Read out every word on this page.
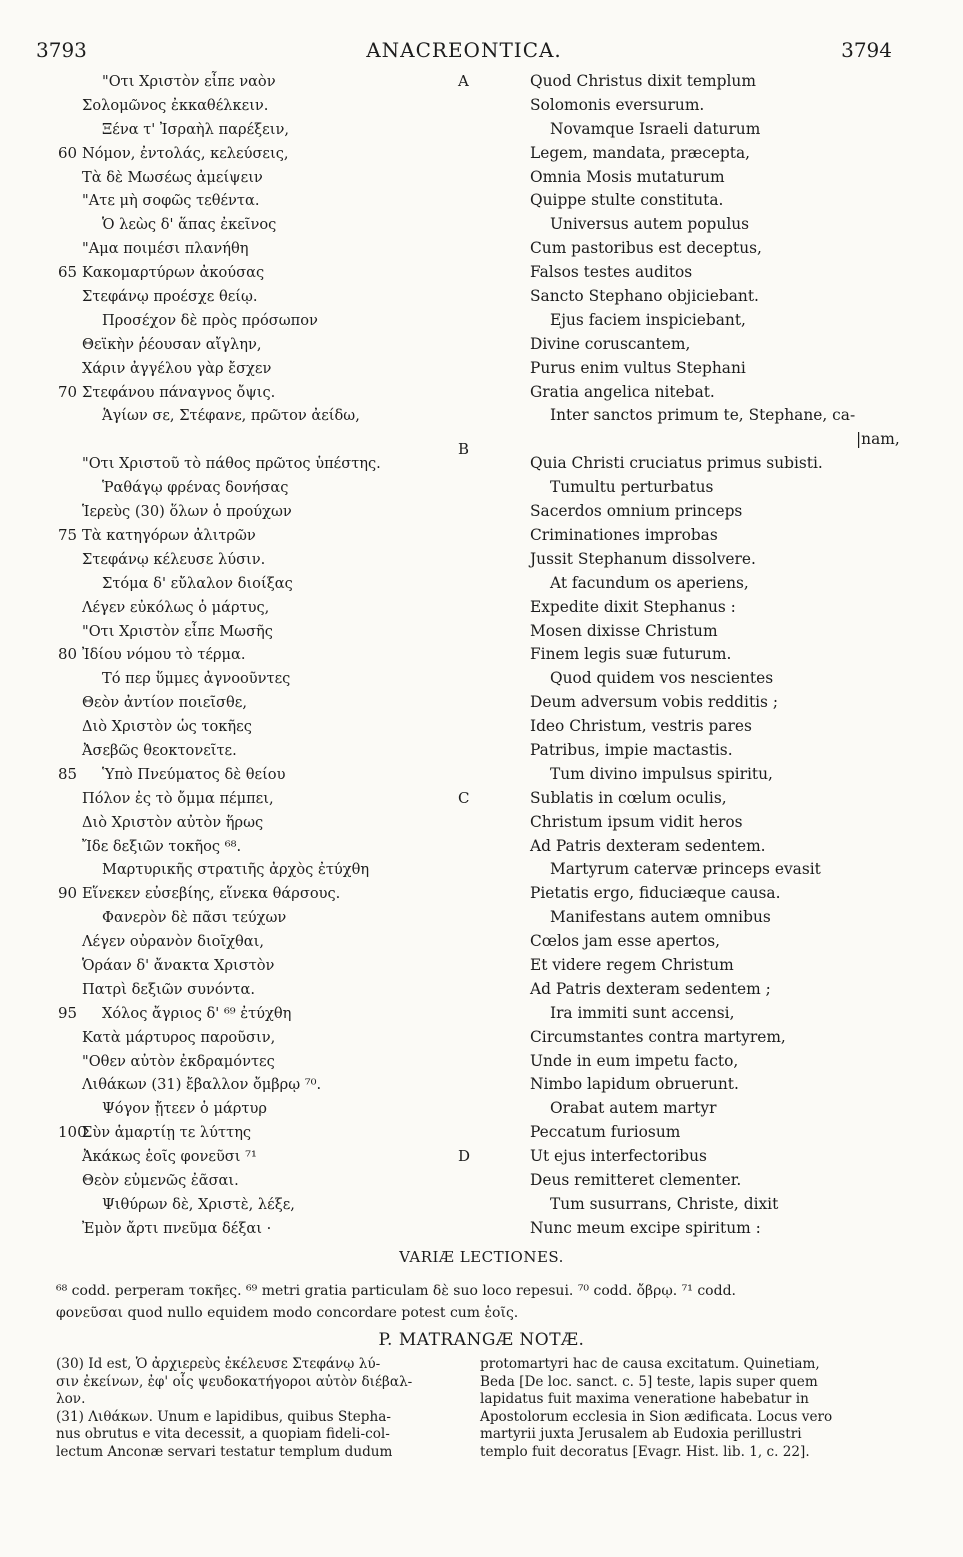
ANACREONTICA.
3793	3794
"Οτι Χριστὸν εἶπε ναὸν	Quod Christus dixit templum
A
Σολομῶνος ἐκκαθέλκειν.	Solomonis eversurum.
Ξένα τ' Ἰσραὴλ παρέξειν,	Novamque Israeli daturum
60 Νόμον, ἐντολάς, κελεύσεις,	Legem, mandata, præcepta,
Τὰ δὲ Μωσέως ἀμείψειν	Omnia Mosis mutaturum
"Ατε μὴ σοφῶς τεθέντα.	Quippe stulte constituta.
Ὁ λεὼς δ' ἅπας ἐκεῖνος	Universus autem populus
"Αμα ποιμέσι πλανήθη	Cum pastoribus est deceptus,
65 Κακομαρτύρων ἀκούσας	Falsos testes auditos
Στεφάνῳ προέσχε θείῳ.	Sancto Stephano objiciebant.
Προσέχον δὲ πρὸς πρόσωπον	Ejus faciem inspiciebant,
Θεϊκὴν ῥέουσαν αἴγλην,	Divine coruscantem,
Χάριν ἀγγέλου γὰρ ἔσχεν	Purus enim vultus Stephani
70 Στεφάνου πάναγνος ὄψις.	Gratia angelica nitebat.
Ἁγίων σε, Στέφανε, πρῶτον ἀείδω,	Inter sanctos primum te, Stephane, ca-
|nam,
"Οτι Χριστοῦ τὸ πάθος πρῶτος ὑπέστης.	Quia Christi cruciatus primus subisti.
B
Ῥαθάγῳ φρένας δονήσας	Tumultu perturbatus
Ἱερεὺς (30) ὅλων ὁ προύχων	Sacerdos omnium princeps
75 Τὰ κατηγόρων ἀλιτρῶν	Criminationes improbas
Στεφάνῳ κέλευσε λύσιν.	Jussit Stephanum dissolvere.
Στόμα δ' εὔλαλον διοίξας	At facundum os aperiens,
Λέγεν εὐκόλως ὁ μάρτυς,	Expedite dixit Stephanus :
"Οτι Χριστὸν εἶπε Μωσῆς	Mosen dixisse Christum
80 Ἰδίου νόμου τὸ τέρμα.	Finem legis suæ futurum.
Τό περ ὕμμες ἀγνοοῦντες	Quod quidem vos nescientes
Θεὸν ἀντίον ποιεῖσθε,	Deum adversum vobis redditis ;
Διὸ Χριστὸν ὡς τοκῆες	Ideo Christum, vestris pares
Ἀσεβῶς θεοκτονεῖτε.	Patribus, impie mactastis.
85	Ὑπὸ Πνεύματος δὲ θείου	Tum divino impulsus spiritu,
Πόλον ἐς τὸ ὄμμα πέμπει,	Sublatis in cœlum oculis,
C
Διὸ Χριστὸν αὐτὸν ἥρως	Christum ipsum vidit heros
Ἴδε δεξιῶν τοκῆος ⁶⁸.	Ad Patris dexteram sedentem.
Μαρτυρικῆς στρατιῆς ἀρχὸς ἐτύχθη	Martyrum catervæ princeps evasit
90 Εἵνεκεν εὐσεβίης, εἵνεκα θάρσους.	Pietatis ergo, fiduciæque causa.
Φανερὸν δὲ πᾶσι τεύχων	Manifestans autem omnibus
Λέγεν οὐρανὸν διοῖχθαι,	Cœlos jam esse apertos,
Ὁράαν δ' ἄνακτα Χριστὸν	Et videre regem Christum
Πατρὶ δεξιῶν συνόντα.	Ad Patris dexteram sedentem ;
95	Χόλος ἄγριος δ' ⁶⁹ ἐτύχθη	Ira immiti sunt accensi,
Κατὰ μάρτυρος παροῦσιν,	Circumstantes contra martyrem,
"Οθεν αὐτὸν ἐκδραμόντες	Unde in eum impetu facto,
Λιθάκων (31) ἔβαλλον ὄμβρῳ ⁷⁰.	Nimbo lapidum obruerunt.
Ψόγον ᾔτεεν ὁ μάρτυρ	Orabat autem martyr
100
Σὺν ἁμαρτίῃ τε λύττης	Peccatum furiosum
Ἀκάκως ἑοῖς φονεῦσι ⁷¹	Ut ejus interfectoribus
D
Θεὸν εὐμενῶς ἐᾶσαι.	Deus remitteret clementer.
Ψιθύρων δὲ, Χριστὲ, λέξε,	Tum susurrans, Christe, dixit
Ἐμὸν ἄρτι πνεῦμα δέξαι ·	Nunc meum excipe spiritum :
VARIÆ LECTIONES.

⁶⁸ codd. perperam τοκῆες. ⁶⁹ metri gratia particulam δὲ suo loco repesui. ⁷⁰ codd. ὄβρῳ. ⁷¹ codd.

φονεῦσαι quod nullo equidem modo concordare potest cum ἑοῖς.

P. MATRANGÆ NOTÆ.

(30) Id est, Ὁ ἀρχιερεὺς ἐκέλευσε Στεφάνῳ λύ-

σιν ἐκείνων, ἐφ' οἷς ψευδοκατήγοροι αὐτὸν διέβαλ-

λον.

(31) Λιθάκων. Unum e lapidibus, quibus Stepha-

nus obrutus e vita decessit, a quopiam fideli-col-

lectum Anconæ servari testatur templum dudum

protomartyri hac de causa excitatum. Quinetiam,

Beda [De loc. sanct. c. 5] teste, lapis super quem

lapidatus fuit maxima veneratione habebatur in

Apostolorum ecclesia in Sion ædificata. Locus vero

martyrii juxta Jerusalem ab Eudoxia perillustri

templo fuit decoratus [Evagr. Hist. lib. 1, c. 22].
